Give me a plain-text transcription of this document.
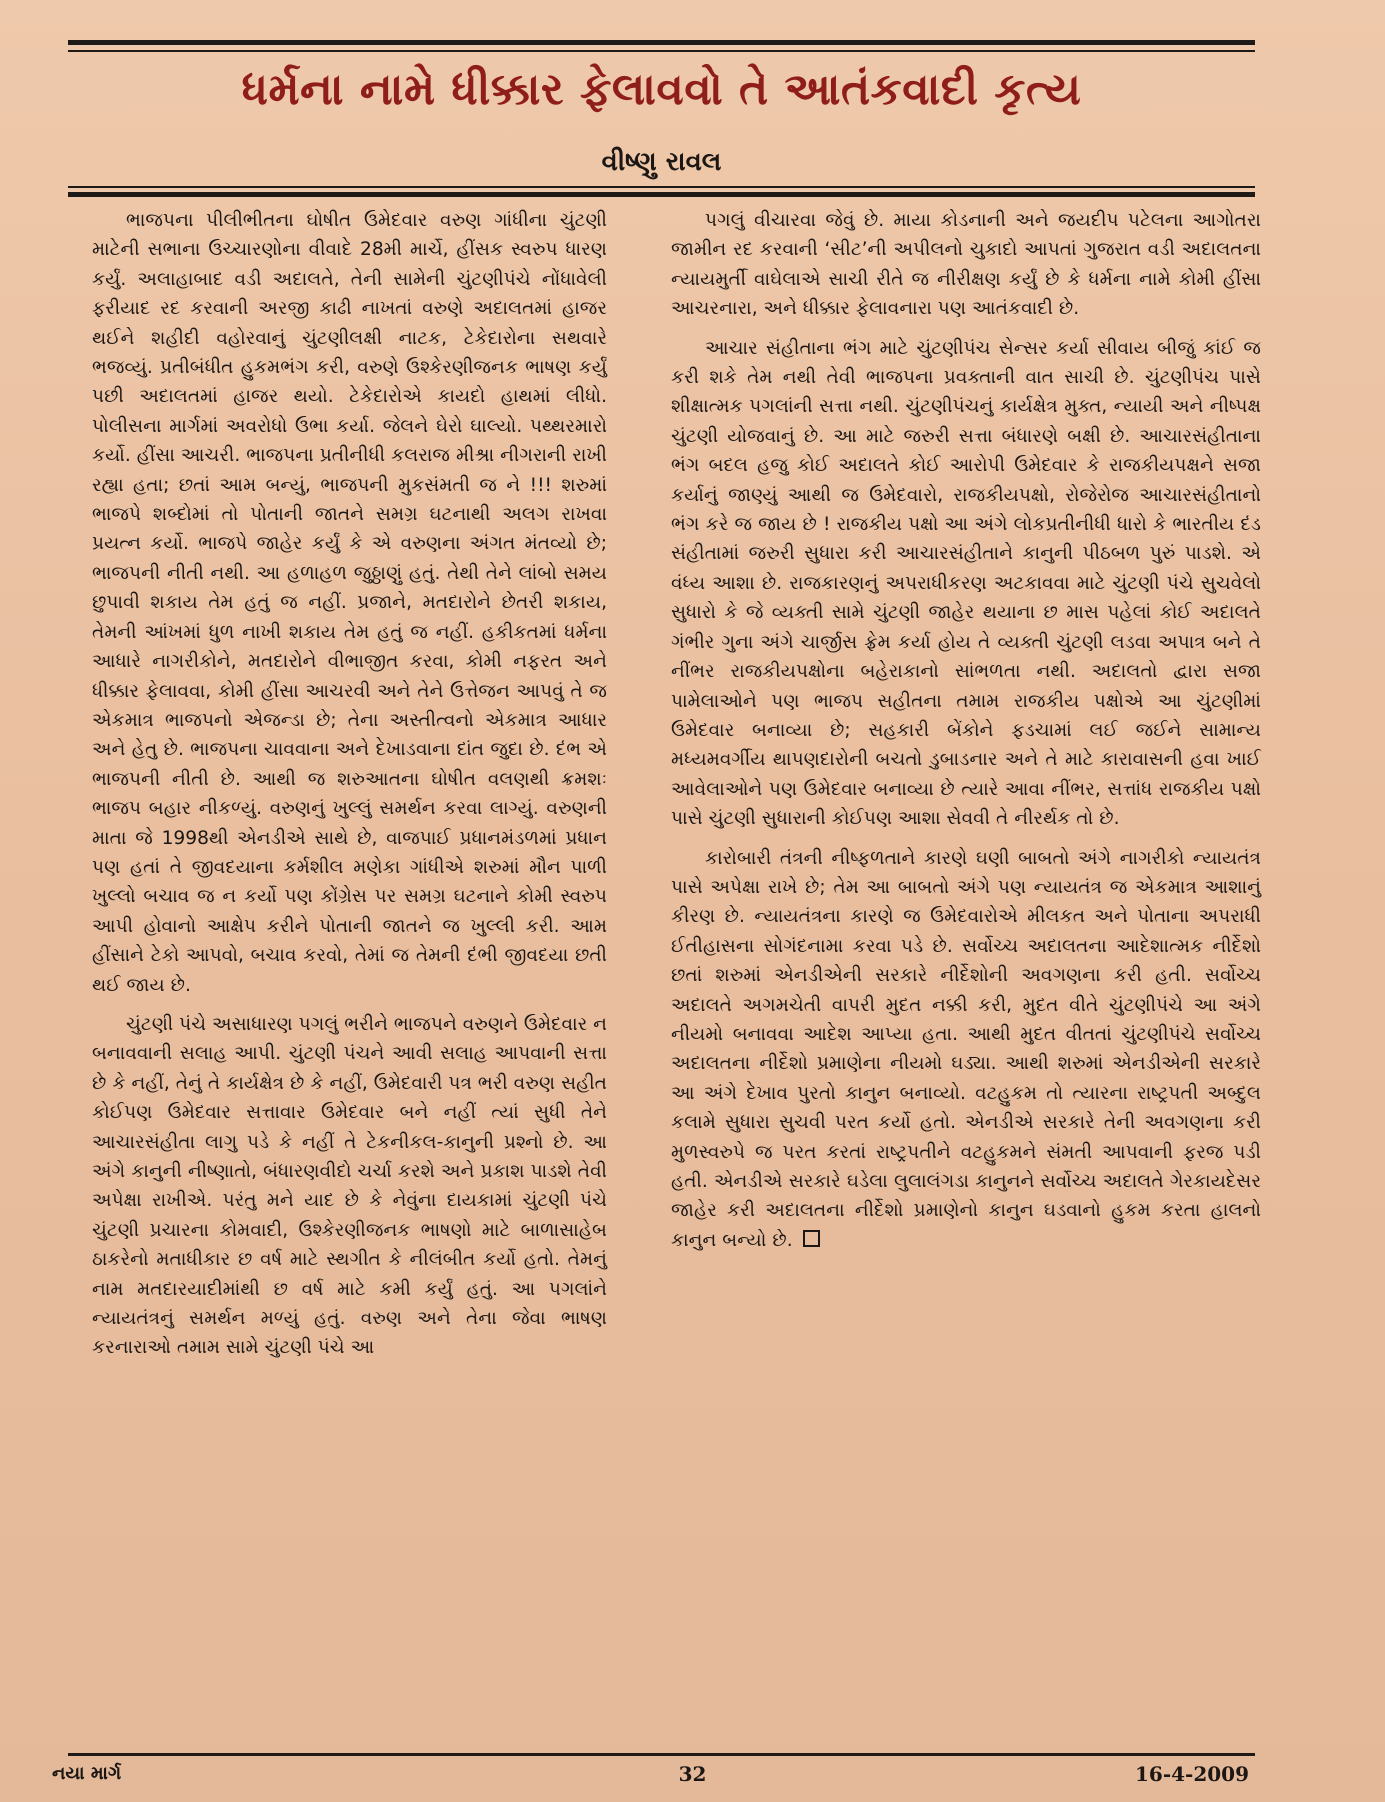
ધર્મના નામે ધીક્કાર ફેલાવવો તે આતંકવાદી કૃત્ય
વીષ્ણુ રાવલ

ભાજપના પીલીભીતના ઘોષીત ઉમેદવાર વરુણ ગાંધીના ચુંટણી માટેની સભાના ઉચ્ચારણોના વીવાદે 28મી માર્ચે, હીંસક સ્વરુપ ધારણ કર્યું. અલાહાબાદ વડી અદાલતે, તેની સામેની ચુંટણીપંચે નોંધાવેલી ફરીયાદ રદ કરવાની અરજી કાઢી નાખતાં વરુણે અદાલતમાં હાજર થઈને શહીદી વહોરવાનું ચુંટણીલક્ષી નાટક, ટેકેદારોના સથવારે ભજવ્યું. પ્રતીબંધીત હુકમભંગ કરી, વરુણે ઉશ્કેરણીજનક ભાષણ કર્યું પછી અદાલતમાં હાજર થયો. ટેકેદારોએ કાયદો હાથમાં લીધો. પોલીસના માર્ગમાં અવરોધો ઉભા કર્યા. જેલને ઘેરો ઘાલ્યો. પથ્થરમારો કર્યો. હીંસા આચરી. ભાજપના પ્રતીનીધી કલરાજ મીશ્રા નીગરાની રાખી રહ્યા હતા; છતાં આમ બન્યું, ભાજપની મુકસંમતી જ ને !!! શરુમાં ભાજપે શબ્દોમાં તો પોતાની જાતને સમગ્ર ઘટનાથી અલગ રાખવા પ્રયત્ન કર્યો. ભાજપે જાહેર કર્યું કે એ વરુણના અંગત મંતવ્યો છે; ભાજપની નીતી નથી. આ હળાહળ જુઠ્ઠાણું હતું. તેથી તેને લાંબો સમય છુપાવી શકાય તેમ હતું જ નહીં. પ્રજાને, મતદારોને છેતરી શકાય, તેમની આંખમાં ધુળ નાખી શકાય તેમ હતું જ નહીં. હકીકતમાં ધર્મના આધારે નાગરીકોને, મતદારોને વીભાજીત કરવા, કોમી નફરત અને ધીક્કાર ફેલાવવા, કોમી હીંસા આચરવી અને તેને ઉત્તેજન આપવું તે જ એકમાત્ર ભાજપનો એજન્ડા છે; તેના અસ્તીત્વનો એકમાત્ર આધાર અને હેતુ છે. ભાજપના ચાવવાના અને દેખાડવાના દાંત જુદા છે. દંભ એ ભાજપની નીતી છે. આથી જ શરુઆતના ઘોષીત વલણથી ક્રમશઃ ભાજપ બહાર નીકળ્યું. વરુણનું ખુલ્લું સમર્થન કરવા લાગ્યું. વરુણની માતા જે 1998થી એનડીએ સાથે છે, વાજપાઈ પ્રધાનમંડળમાં પ્રધાન પણ હતાં તે જીવદયાના કર્મશીલ મણેકા ગાંધીએ શરુમાં મૌન પાળી ખુલ્લો બચાવ જ ન કર્યો પણ કોંગ્રેસ પર સમગ્ર ઘટનાને કોમી સ્વરુપ આપી હોવાનો આક્ષેપ કરીને પોતાની જાતને જ ખુલ્લી કરી. આમ હીંસાને ટેકો આપવો, બચાવ કરવો, તેમાં જ તેમની દંભી જીવદયા છતી થઈ જાય છે.

ચુંટણી પંચે અસાધારણ પગલું ભરીને ભાજપને વરુણને ઉમેદવાર ન બનાવવાની સલાહ આપી. ચુંટણી પંચને આવી સલાહ આપવાની સત્તા છે કે નહીં, તેનું તે કાર્યક્ષેત્ર છે કે નહીં, ઉમેદવારી પત્ર ભરી વરુણ સહીત કોઈપણ ઉમેદવાર સત્તાવાર ઉમેદવાર બને નહીં ત્યાં સુધી તેને આચારસંહીતા લાગુ પડે કે નહીં તે ટેકનીકલ-કાનુની પ્રશ્નો છે. આ અંગે કાનુની નીષ્ણાતો, બંધારણવીદો ચર્ચા કરશે અને પ્રકાશ પાડશે તેવી અપેક્ષા રાખીએ. પરંતુ મને યાદ છે કે નેવુંના દાયકામાં ચુંટણી પંચે ચુંટણી પ્રચારના કોમવાદી, ઉશ્કેરણીજનક ભાષણો માટે બાળાસાહેબ ઠાકરેનો મતાધીકાર છ વર્ષ માટે સ્થગીત કે નીલંબીત કર્યો હતો. તેમનું નામ મતદારયાદીમાંથી છ વર્ષ માટે કમી કર્યું હતું. આ પગલાંને ન્યાયતંત્રનું સમર્થન મળ્યું હતું. વરુણ અને તેના જેવા ભાષણ કરનારાઓ તમામ સામે ચુંટણી પંચે આ

પગલું વીચારવા જેવું છે. માયા કોડનાની અને જયદીપ પટેલના આગોતરા જામીન રદ કરવાની ‘સીટ’ની અપીલનો ચુકાદો આપતાં ગુજરાત વડી અદાલતના ન્યાયમુર્તી વાઘેલાએ સાચી રીતે જ નીરીક્ષણ કર્યું છે કે ધર્મના નામે કોમી હીંસા આચરનારા, અને ધીક્કાર ફેલાવનારા પણ આતંકવાદી છે.

આચાર સંહીતાના ભંગ માટે ચુંટણીપંચ સેન્સર કર્યા સીવાય બીજું કાંઈ જ કરી શકે તેમ નથી તેવી ભાજપના પ્રવક્તાની વાત સાચી છે. ચુંટણીપંચ પાસે શીક્ષાત્મક પગલાંની સત્તા નથી. ચુંટણીપંચનું કાર્યક્ષેત્ર મુક્ત, ન્યાયી અને નીષ્પક્ષ ચુંટણી યોજવાનું છે. આ માટે જરુરી સત્તા બંધારણે બક્ષી છે. આચારસંહીતાના ભંગ બદલ હજુ કોઈ અદાલતે કોઈ આરોપી ઉમેદવાર કે રાજકીયપક્ષને સજા કર્યાનું જાણ્યું આથી જ ઉમેદવારો, રાજકીયપક્ષો, રોજેરોજ આચારસંહીતાનો ભંગ કરે જ જાય છે ! રાજકીય પક્ષો આ અંગે લોકપ્રતીનીધી ધારો કે ભારતીય દંડ સંહીતામાં જરુરી સુધારા કરી આચારસંહીતાને કાનુની પીઠબળ પુરું પાડશે. એ વંધ્ય આશા છે. રાજકારણનું અપરાધીકરણ અટકાવવા માટે ચુંટણી પંચે સુચવેલો સુધારો કે જે વ્યક્તી સામે ચુંટણી જાહેર થયાના છ માસ પહેલાં કોઈ અદાલતે ગંભીર ગુના અંગે ચાર્જીસ ફ્રેમ કર્યા હોય તે વ્યક્તી ચુંટણી લડવા અપાત્ર બને તે નીંભર રાજકીયપક્ષોના બહેરાકાનો સાંભળતા નથી. અદાલતો દ્વારા સજા પામેલાઓને પણ ભાજપ સહીતના તમામ રાજકીય પક્ષોએ આ ચુંટણીમાં ઉમેદવાર બનાવ્યા છે; સહકારી બેંકોને ફડચામાં લઈ જઈને સામાન્ય મધ્યમવર્ગીય થાપણદારોની બચતો ડુબાડનાર અને તે માટે કારાવાસની હવા ખાઈ આવેલાઓને પણ ઉમેદવાર બનાવ્યા છે ત્યારે આવા નીંભર, સત્તાંધ રાજકીય પક્ષો પાસે ચુંટણી સુધારાની કોઈપણ આશા સેવવી તે નીરર્થક તો છે.

કારોબારી તંત્રની નીષ્ફળતાને કારણે ઘણી બાબતો અંગે નાગરીકો ન્યાયતંત્ર પાસે અપેક્ષા રાખે છે; તેમ આ બાબતો અંગે પણ ન્યાયતંત્ર જ એકમાત્ર આશાનું કીરણ છે. ન્યાયતંત્રના કારણે જ ઉમેદવારોએ મીલકત અને પોતાના અપરાધી ઈતીહાસના સોગંદનામા કરવા પડે છે. સર્વોચ્ચ અદાલતના આદેશાત્મક નીર્દેશો છતાં શરુમાં એનડીએની સરકારે નીર્દેશોની અવગણના કરી હતી. સર્વોચ્ચ અદાલતે અગમચેતી વાપરી મુદત નક્કી કરી, મુદત વીતે ચુંટણીપંચે આ અંગે નીયમો બનાવવા આદેશ આપ્યા હતા. આથી મુદત વીતતાં ચુંટણીપંચે સર્વોચ્ચ અદાલતના નીર્દેશો પ્રમાણેના નીયમો ઘડ્યા. આથી શરુમાં એનડીએની સરકારે આ અંગે દેખાવ પુરતો કાનુન બનાવ્યો. વટહુકમ તો ત્યારના રાષ્ટ્રપતી અબ્દુલ કલામે સુધારા સુચવી પરત કર્યો હતો. એનડીએ સરકારે તેની અવગણના કરી મુળસ્વરુપે જ પરત કરતાં રાષ્ટ્રપતીને વટહુકમને સંમતી આપવાની ફરજ પડી હતી. એનડીએ સરકારે ઘડેલા લુલાલંગડા કાનુનને સર્વોચ્ચ અદાલતે ગેરકાયદેસર જાહેર કરી અદાલતના નીર્દેશો પ્રમાણેનો કાનુન ઘડવાનો હુકમ કરતા હાલનો કાનુન બન્યો છે.

નયા માર્ગ	32	16-4-2009
